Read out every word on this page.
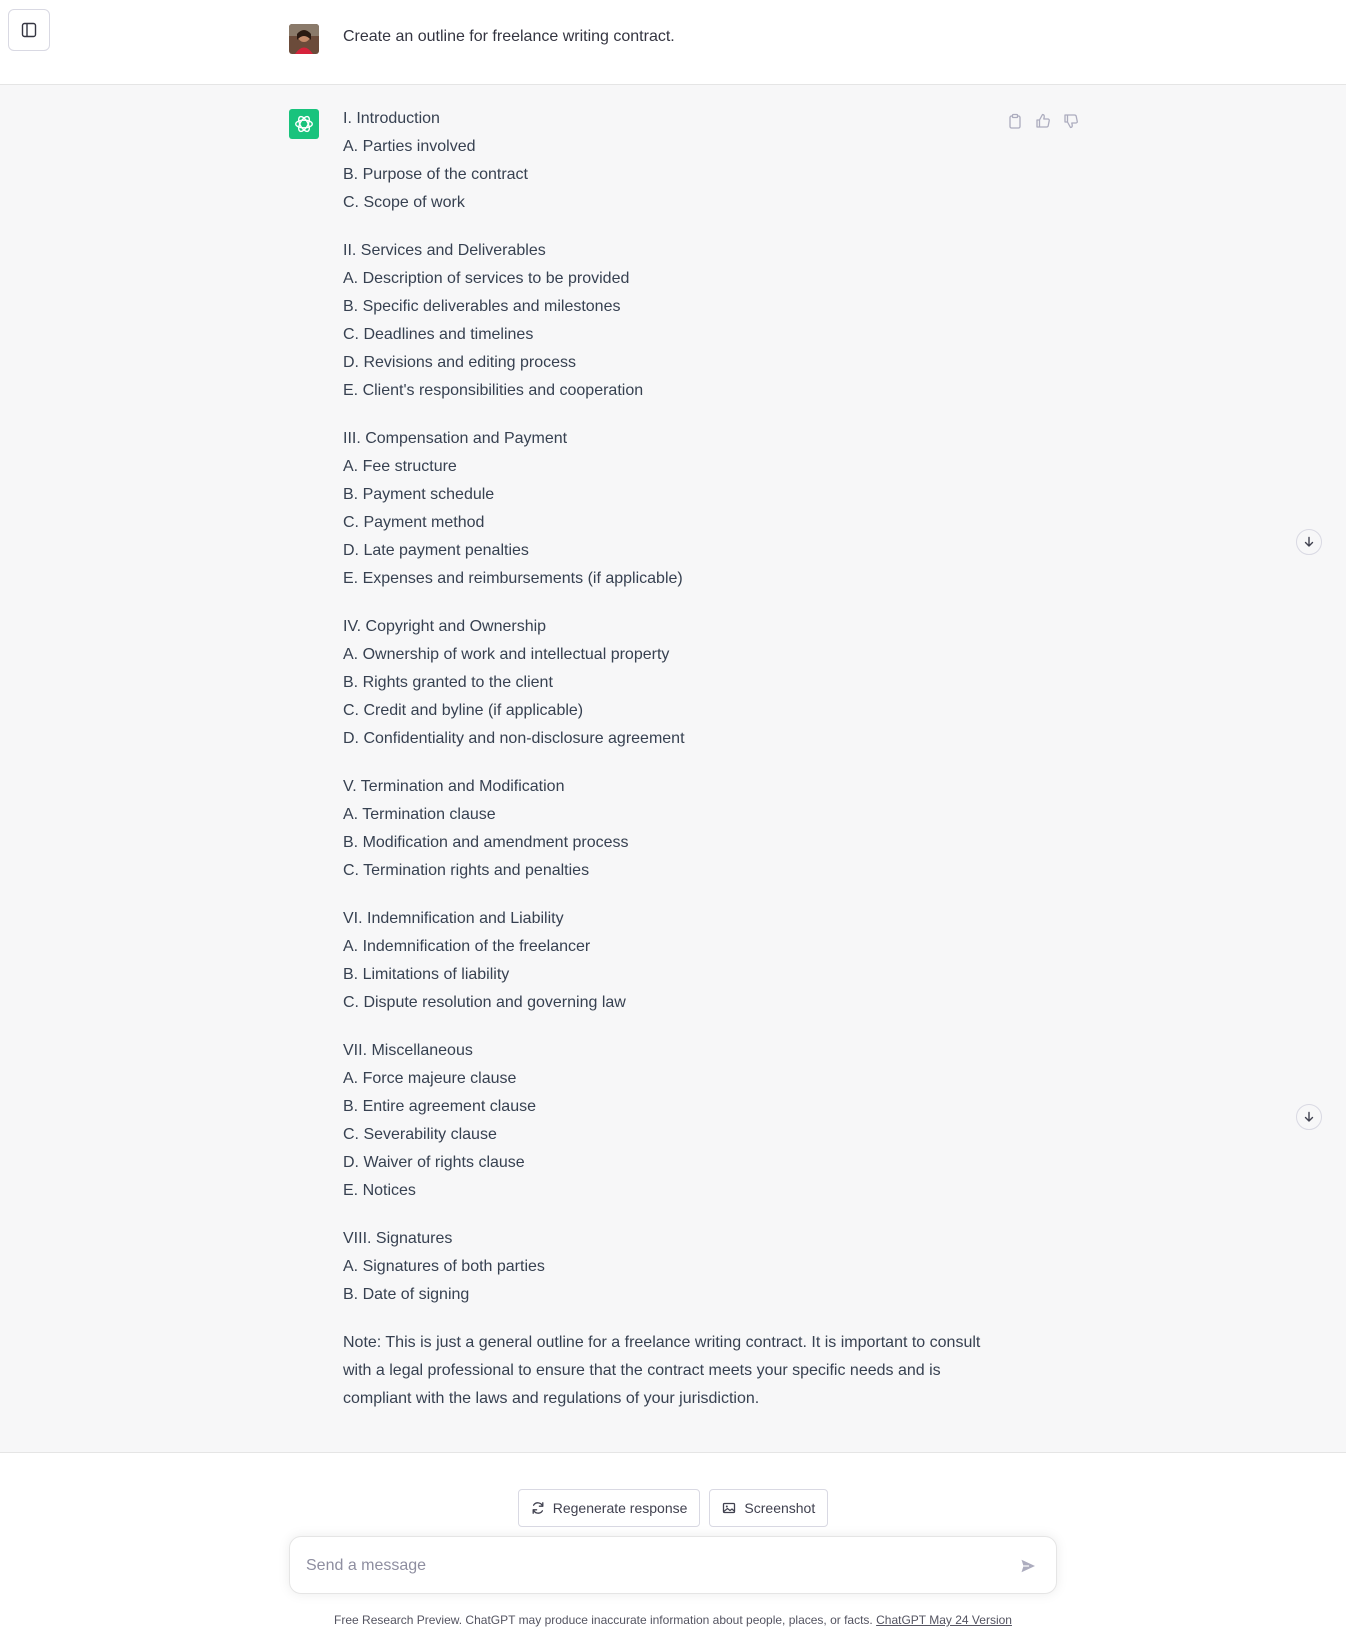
Create an outline for freelance writing contract.
I. Introduction
A. Parties involved
B. Purpose of the contract
C. Scope of work
II. Services and Deliverables
A. Description of services to be provided
B. Specific deliverables and milestones
C. Deadlines and timelines
D. Revisions and editing process
E. Client's responsibilities and cooperation
III. Compensation and Payment
A. Fee structure
B. Payment schedule
C. Payment method
D. Late payment penalties
E. Expenses and reimbursements (if applicable)
IV. Copyright and Ownership
A. Ownership of work and intellectual property
B. Rights granted to the client
C. Credit and byline (if applicable)
D. Confidentiality and non-disclosure agreement
V. Termination and Modification
A. Termination clause
B. Modification and amendment process
C. Termination rights and penalties
VI. Indemnification and Liability
A. Indemnification of the freelancer
B. Limitations of liability
C. Dispute resolution and governing law
VII. Miscellaneous
A. Force majeure clause
B. Entire agreement clause
C. Severability clause
D. Waiver of rights clause
E. Notices
VIII. Signatures
A. Signatures of both parties
B. Date of signing
Note: This is just a general outline for a freelance writing contract. It is important to consult with a legal professional to ensure that the contract meets your specific needs and is compliant with the laws and regulations of your jurisdiction.
Regenerate response	Screenshot
Send a message
Free Research Preview. ChatGPT may produce inaccurate information about people, places, or facts. ChatGPT May 24 Version
